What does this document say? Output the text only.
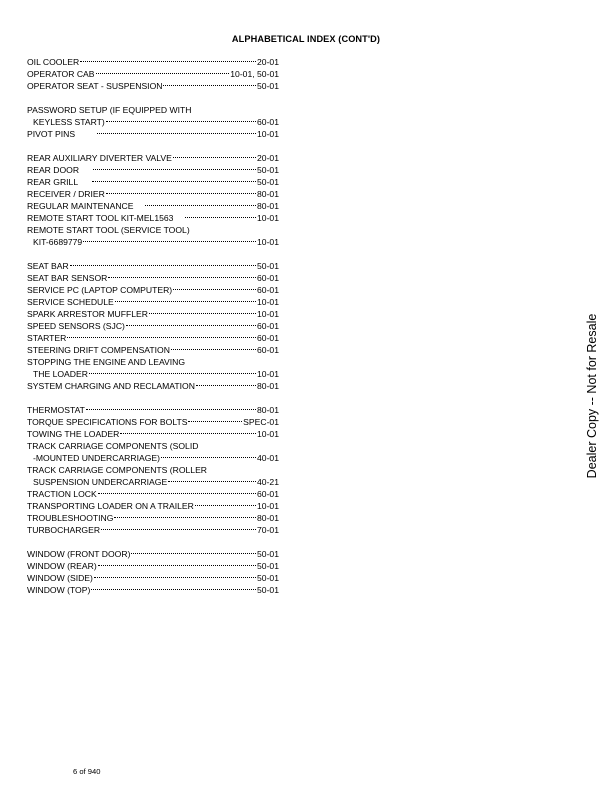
ALPHABETICAL INDEX (CONT'D)
OIL COOLER	20-01
OPERATOR CAB	10-01, 50-01
OPERATOR SEAT - SUSPENSION	50-01
PASSWORD SETUP (IF EQUIPPED WITH
KEYLESS START)	60-01
PIVOT PINS	10-01
REAR AUXILIARY DIVERTER VALVE	20-01
REAR DOOR	50-01
REAR GRILL	50-01
RECEIVER / DRIER	80-01
REGULAR MAINTENANCE	80-01
REMOTE START TOOL KIT-MEL1563	10-01
REMOTE START TOOL (SERVICE TOOL)
KIT-6689779	10-01
SEAT BAR	50-01
SEAT BAR SENSOR	60-01
SERVICE PC (LAPTOP COMPUTER)	60-01
SERVICE SCHEDULE	10-01
SPARK ARRESTOR MUFFLER	10-01
SPEED SENSORS (SJC)	60-01
STARTER	60-01
STEERING DRIFT COMPENSATION	60-01
STOPPING THE ENGINE AND LEAVING
THE LOADER	10-01
SYSTEM CHARGING AND RECLAMATION	80-01
THERMOSTAT	80-01
TORQUE SPECIFICATIONS FOR BOLTS	SPEC-01
TOWING THE LOADER	10-01
TRACK CARRIAGE COMPONENTS (SOLID
-MOUNTED UNDERCARRIAGE)	40-01
TRACK CARRIAGE COMPONENTS (ROLLER
SUSPENSION UNDERCARRIAGE	40-21
TRACTION LOCK	60-01
TRANSPORTING LOADER ON A TRAILER	10-01
TROUBLESHOOTING	80-01
TURBOCHARGER	70-01
WINDOW (FRONT DOOR)	50-01
WINDOW (REAR)	50-01
WINDOW (SIDE)	50-01
WINDOW (TOP)	50-01
6 of 940
Dealer Copy -- Not for Resale
